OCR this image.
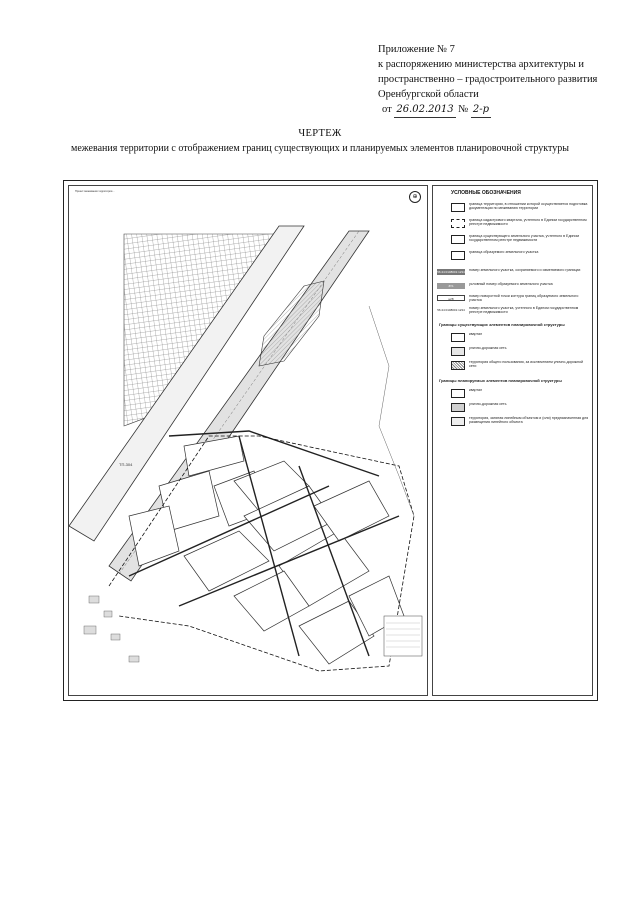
Приложение № 7
к распоряжению министерства архитектуры и
пространственно – градостроительного развития
Оренбургской области
от 26.02.2013 № 2-р
ЧЕРТЕЖ
межевания территории с отображением границ существующих и планируемых элементов планировочной структуры
Проект межевания территории...
⊕
ТП-304
УСЛОВНЫЕ ОБОЗНАЧЕНИЯ
граница территории, в отношении которой осуществляется подготовка документации по межеванию территории
граница кадастрового квартала, учтенного в Едином государственном реестре недвижимости
граница существующего земельного участка, учтенного в Едином государственном реестре недвижимости
граница образуемого земельного участка
56:44:0108001:1234 номер земельного участка, сохраняемого и изменяемого границах
ЗУ1	условный номер образуемого земельного участка
н28
номер поворотной точки контура границ образуемого земельного участка
56:44:0108001:1234 номер земельного участка, учтенного в Едином государственном реестре недвижимости
Границы существующих элементов планировочной структуры
квартал
улично-дорожная сеть
территория общего пользования, за исключением улично-дорожной сети
Границы планируемых элементов планировочной структуры
квартал
улично-дорожная сеть
территория, занятая линейным объектом и (или) предназначенная для размещения линейного объекта
